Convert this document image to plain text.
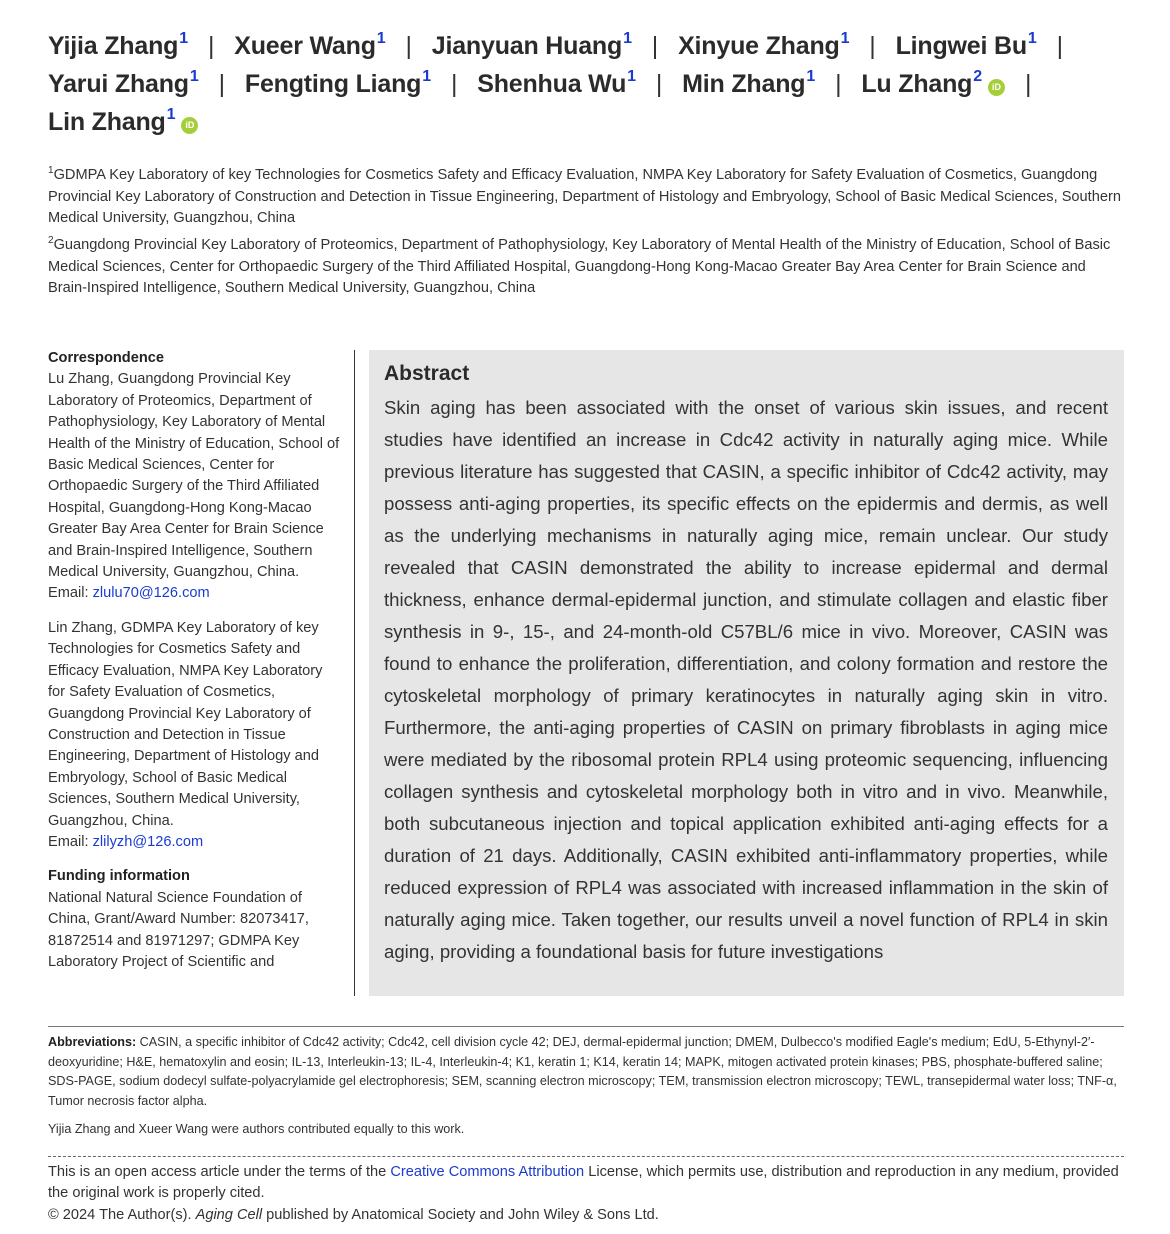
Yijia Zhang$^1$ | Xueer Wang$^1$ | Jianyuan Huang$^1$ | Xinyue Zhang$^1$ | Lingwei Bu$^1$ |
Yarui Zhang$^1$ | Fengting Liang$^1$ | Shenhua Wu$^1$ | Min Zhang$^1$ | Lu Zhang$^2$iD |
Lin Zhang$^1$iD
$^1$GDMPA Key Laboratory of key Technologies for Cosmetics Safety and Efficacy Evaluation, NMPA Key Laboratory for Safety Evaluation of Cosmetics, Guangdong Provincial Key Laboratory of Construction and Detection in Tissue Engineering, Department of Histology and Embryology, School of Basic Medical Sciences, Southern Medical University, Guangzhou, China
$^2$Guangdong Provincial Key Laboratory of Proteomics, Department of Pathophysiology, Key Laboratory of Mental Health of the Ministry of Education, School of Basic Medical Sciences, Center for Orthopaedic Surgery of the Third Affiliated Hospital, Guangdong-Hong Kong-Macao Greater Bay Area Center for Brain Science and Brain-Inspired Intelligence, Southern Medical University, Guangzhou, China
Correspondence
Lu Zhang, Guangdong Provincial Key Laboratory of Proteomics, Department of Pathophysiology, Key Laboratory of Mental Health of the Ministry of Education, School of Basic Medical Sciences, Center for Orthopaedic Surgery of the Third Affiliated Hospital, Guangdong-Hong Kong-Macao Greater Bay Area Center for Brain Science and Brain-Inspired Intelligence, Southern Medical University, Guangzhou, China.
Email: zlulu70@126.com
Lin Zhang, GDMPA Key Laboratory of key Technologies for Cosmetics Safety and Efficacy Evaluation, NMPA Key Laboratory for Safety Evaluation of Cosmetics, Guangdong Provincial Key Laboratory of Construction and Detection in Tissue Engineering, Department of Histology and Embryology, School of Basic Medical Sciences, Southern Medical University, Guangzhou, China.
Email: zlilyzh@126.com
Funding information
National Natural Science Foundation of China, Grant/Award Number: 82073417, 81872514 and 81971297; GDMPA Key Laboratory Project of Scientific and
Abstract
Skin aging has been associated with the onset of various skin issues, and recent studies have identified an increase in Cdc42 activity in naturally aging mice. While previous literature has suggested that CASIN, a specific inhibitor of Cdc42 activity, may possess anti-aging properties, its specific effects on the epidermis and dermis, as well as the underlying mechanisms in naturally aging mice, remain unclear. Our study revealed that CASIN demonstrated the ability to increase epidermal and dermal thickness, enhance dermal-epidermal junction, and stimulate collagen and elastic fiber synthesis in 9-, 15-, and 24-month-old C57BL/6 mice in vivo. Moreover, CASIN was found to enhance the proliferation, differentiation, and colony formation and restore the cytoskeletal morphology of primary keratinocytes in naturally aging skin in vitro. Furthermore, the anti-aging properties of CASIN on primary fibroblasts in aging mice were mediated by the ribosomal protein RPL4 using proteomic sequencing, influencing collagen synthesis and cytoskeletal morphology both in vitro and in vivo. Meanwhile, both subcutaneous injection and topical application exhibited anti-aging effects for a duration of 21 days. Additionally, CASIN exhibited anti-inflammatory properties, while reduced expression of RPL4 was associated with increased inflammation in the skin of naturally aging mice. Taken together, our results unveil a novel function of RPL4 in skin aging, providing a foundational basis for future investigations
Abbreviations: CASIN, a specific inhibitor of Cdc42 activity; Cdc42, cell division cycle 42; DEJ, dermal-epidermal junction; DMEM, Dulbecco's modified Eagle's medium; EdU, 5-Ethynyl-2′-deoxyuridine; H&E, hematoxylin and eosin; IL-13, Interleukin-13; IL-4, Interleukin-4; K1, keratin 1; K14, keratin 14; MAPK, mitogen activated protein kinases; PBS, phosphate-buffered saline; SDS-PAGE, sodium dodecyl sulfate-polyacrylamide gel electrophoresis; SEM, scanning electron microscopy; TEM, transmission electron microscopy; TEWL, transepidermal water loss; TNF-α, Tumor necrosis factor alpha.
Yijia Zhang and Xueer Wang were authors contributed equally to this work.
This is an open access article under the terms of the Creative Commons Attribution License, which permits use, distribution and reproduction in any medium, provided the original work is properly cited.
© 2024 The Author(s). Aging Cell published by Anatomical Society and John Wiley & Sons Ltd.
